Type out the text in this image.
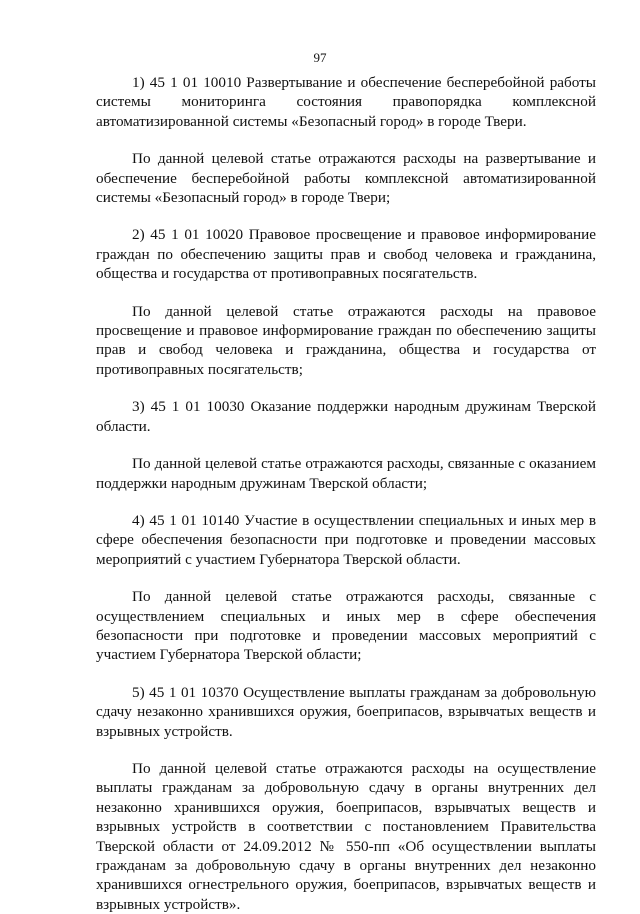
97

1) 45 1 01 10010 Развертывание и обеспечение бесперебойной работы системы мониторинга состояния правопорядка комплексной автоматизированной системы «Безопасный город» в городе Твери.

По данной целевой статье отражаются расходы на развертывание и обеспечение бесперебойной работы комплексной автоматизированной системы «Безопасный город» в городе Твери;

2) 45 1 01 10020 Правовое просвещение и правовое информирование граждан по обеспечению защиты прав и свобод человека и гражданина, общества и государства от противоправных посягательств.

По данной целевой статье отражаются расходы на правовое просвещение и правовое информирование граждан по обеспечению защиты прав и свобод человека и гражданина, общества и государства от противоправных посягательств;

3) 45 1 01 10030 Оказание поддержки народным дружинам Тверской области.

По данной целевой статье отражаются расходы, связанные с оказанием поддержки народным дружинам Тверской области;

4) 45 1 01 10140 Участие в осуществлении специальных и иных мер в сфере обеспечения безопасности при подготовке и проведении массовых мероприятий с участием Губернатора Тверской области.

По данной целевой статье отражаются расходы, связанные с осуществлением специальных и иных мер в сфере обеспечения безопасности при подготовке и проведении массовых мероприятий с участием Губернатора Тверской области;

5) 45 1 01 10370 Осуществление выплаты гражданам за добровольную сдачу незаконно хранившихся оружия, боеприпасов, взрывчатых веществ и взрывных устройств.

По данной целевой статье отражаются расходы на осуществление выплаты гражданам за добровольную сдачу в органы внутренних дел незаконно хранившихся оружия, боеприпасов, взрывчатых веществ и взрывных устройств в соответствии с постановлением Правительства Тверской области от 24.09.2012 № 550-пп «Об осуществлении выплаты гражданам за добровольную сдачу в органы внутренних дел незаконно хранившихся огнестрельного оружия, боеприпасов, взрывчатых веществ и взрывных устройств».
